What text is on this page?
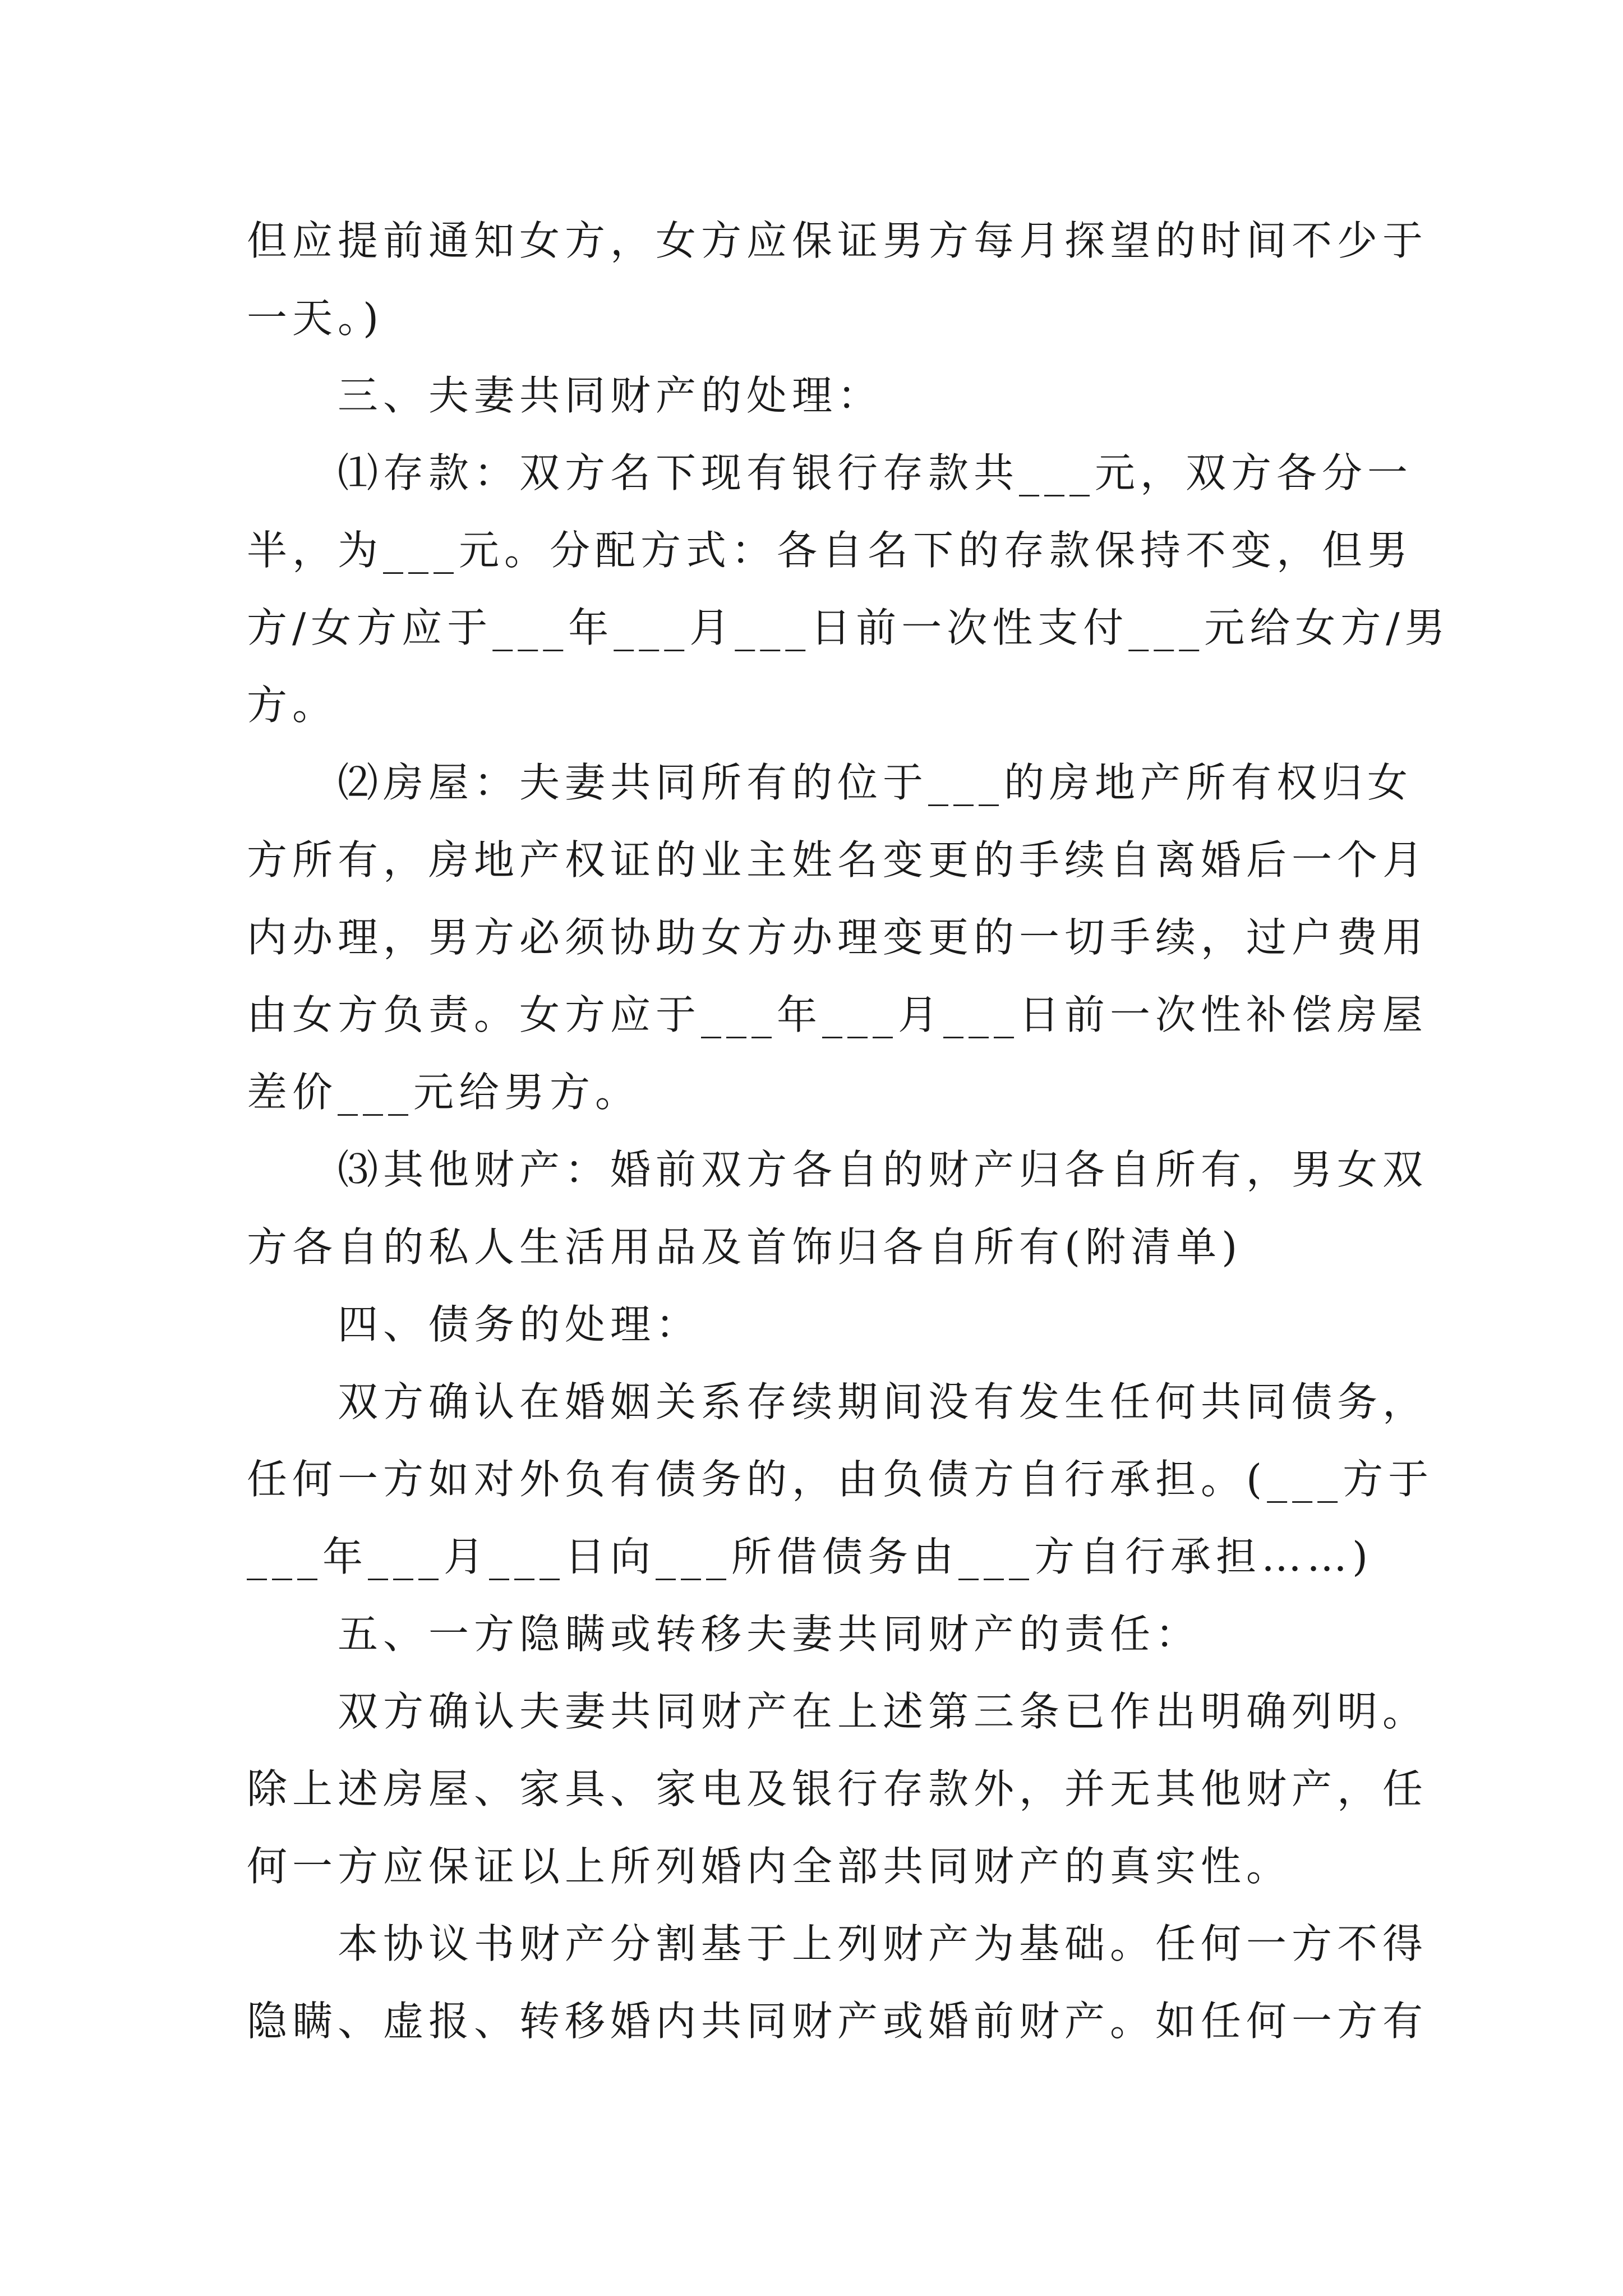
但应提前通知女方，女方应保证男方每月探望的时间不少于
一天。)
　　三、夫妻共同财产的处理：
　　⑴存款：双方名下现有银行存款共___元，双方各分一
半，为___元。分配方式：各自名下的存款保持不变，但男
方/女方应于___年___月___日前一次性支付___元给女方/男
方。
　　⑵房屋：夫妻共同所有的位于___的房地产所有权归女
方所有，房地产权证的业主姓名变更的手续自离婚后一个月
内办理，男方必须协助女方办理变更的一切手续，过户费用
由女方负责。女方应于___年___月___日前一次性补偿房屋
差价___元给男方。
　　⑶其他财产：婚前双方各自的财产归各自所有，男女双
方各自的私人生活用品及首饰归各自所有(附清单)
　　四、债务的处理：
　　双方确认在婚姻关系存续期间没有发生任何共同债务，
任何一方如对外负有债务的，由负债方自行承担。(___方于
___年___月___日向___所借债务由___方自行承担……)
　　五、一方隐瞒或转移夫妻共同财产的责任：
　　双方确认夫妻共同财产在上述第三条已作出明确列明。
除上述房屋、家具、家电及银行存款外，并无其他财产，任
何一方应保证以上所列婚内全部共同财产的真实性。
　　本协议书财产分割基于上列财产为基础。任何一方不得
隐瞒、虚报、转移婚内共同财产或婚前财产。如任何一方有
